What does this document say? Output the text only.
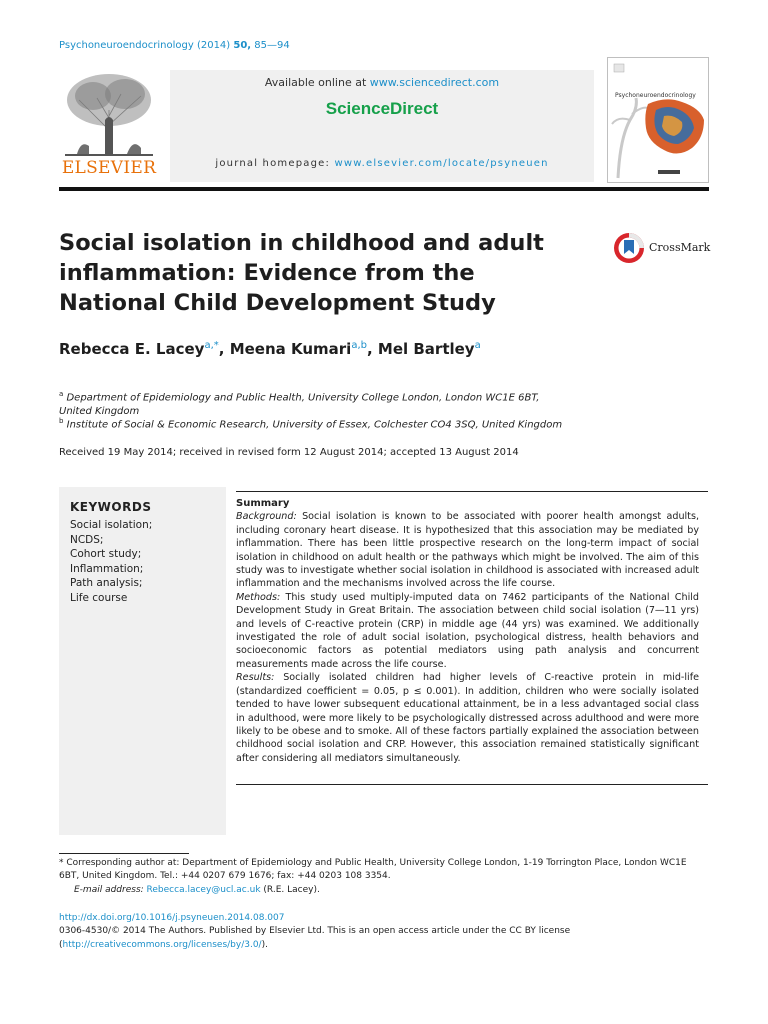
Psychoneuroendocrinology (2014) 50, 85—94
ELSEVIER
Available online at www.sciencedirect.com
ScienceDirect
journal homepage: www.elsevier.com/locate/psyneuen
Psychoneuroendocrinology
Social isolation in childhood and adult inflammation: Evidence from the National Child Development Study
CrossMark
Rebecca E. Lacey$^{a,*}$, Meena Kumari$^{a,b}$, Mel Bartley$^a$
$^a$ Department of Epidemiology and Public Health, University College London, London WC1E 6BT,
United Kingdom
$^b$ Institute of Social & Economic Research, University of Essex, Colchester CO4 3SQ, United Kingdom
Received 19 May 2014; received in revised form 12 August 2014; accepted 13 August 2014
KEYWORDS
Social isolation;
NCDS;
Cohort study;
Inflammation;
Path analysis;
Life course

Summary

Background: Social isolation is known to be associated with poorer health amongst adults, including coronary heart disease. It is hypothesized that this association may be mediated by inflammation. There has been little prospective research on the long-term impact of social isolation in childhood on adult health or the pathways which might be involved. The aim of this study was to investigate whether social isolation in childhood is associated with increased adult inflammation and the mechanisms involved across the life course.

Methods: This study used multiply-imputed data on 7462 participants of the National Child Development Study in Great Britain. The association between child social isolation (7—11 yrs) and levels of C-reactive protein (CRP) in middle age (44 yrs) was examined. We additionally investigated the role of adult social isolation, psychological distress, health behaviors and socioeconomic factors as potential mediators using path analysis and concurrent measurements made across the life course.

Results: Socially isolated children had higher levels of C-reactive protein in mid-life (standardized coefficient = 0.05, p ≤ 0.001). In addition, children who were socially isolated tended to have lower subsequent educational attainment, be in a less advantaged social class in adulthood, were more likely to be psychologically distressed across adulthood and were more likely to be obese and to smoke. All of these factors partially explained the association between childhood social isolation and CRP. However, this association remained statistically significant after considering all mediators simultaneously.

* Corresponding author at: Department of Epidemiology and Public Health, University College London, 1-19 Torrington Place, London WC1E 6BT, United Kingdom. Tel.: +44 0207 679 1676; fax: +44 0203 108 3354.
E-mail address: Rebecca.lacey@ucl.ac.uk (R.E. Lacey).
http://dx.doi.org/10.1016/j.psyneuen.2014.08.007
0306-4530/© 2014 The Authors. Published by Elsevier Ltd. This is an open access article under the CC BY license
(http://creativecommons.org/licenses/by/3.0/).
